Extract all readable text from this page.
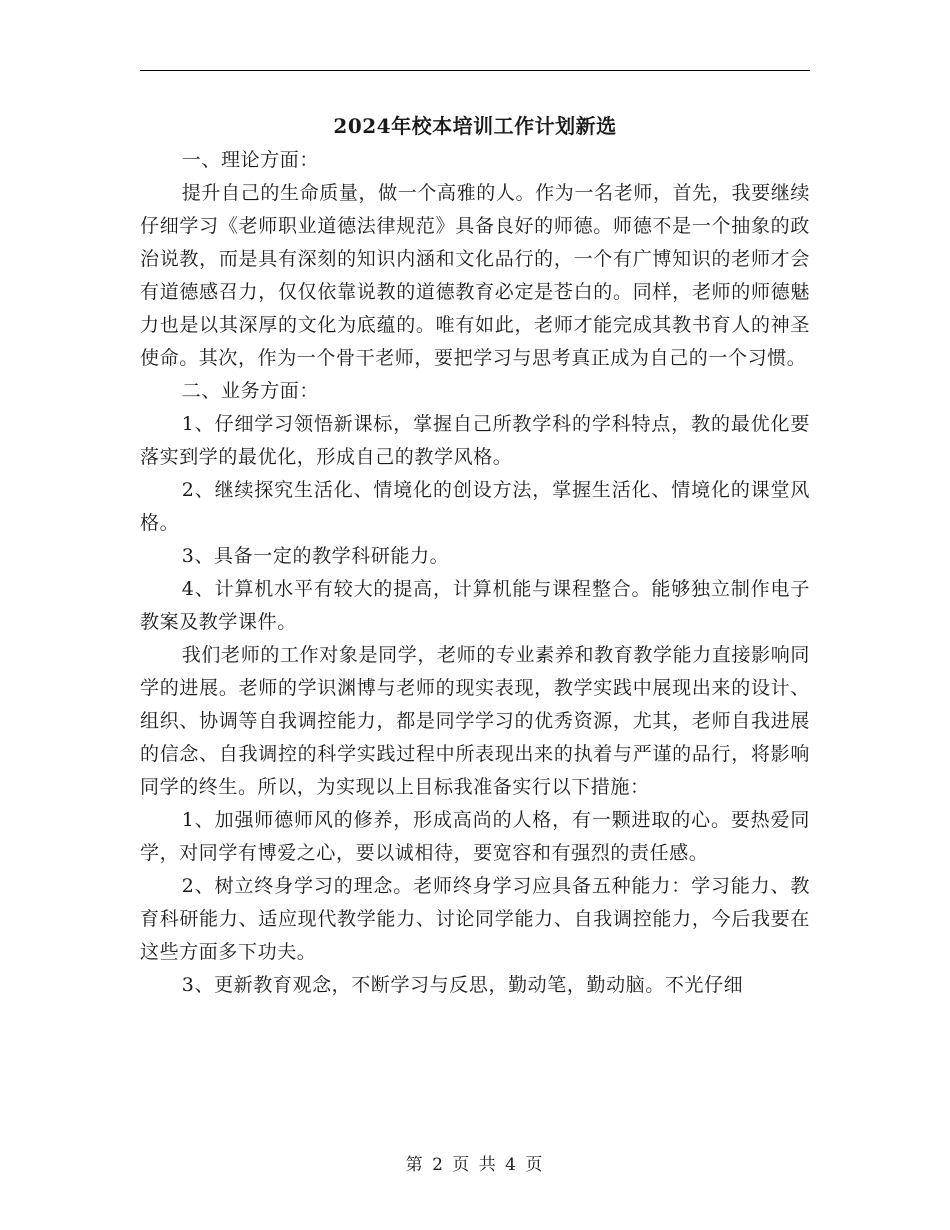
2024年校本培训工作计划新选

一、理论方面：

提升自己的生命质量，做一个高雅的人。作为一名老师，首先，我要继续仔细学习《老师职业道德法律规范》具备良好的师德。师德不是一个抽象的政治说教，而是具有深刻的知识内涵和文化品行的，一个有广博知识的老师才会有道德感召力，仅仅依靠说教的道德教育必定是苍白的。同样，老师的师德魅力也是以其深厚的文化为底蕴的。唯有如此，老师才能完成其教书育人的神圣使命。其次，作为一个骨干老师，要把学习与思考真正成为自己的一个习惯。

二、业务方面：

1、仔细学习领悟新课标，掌握自己所教学科的学科特点，教的最优化要落实到学的最优化，形成自己的教学风格。

2、继续探究生活化、情境化的创设方法，掌握生活化、情境化的课堂风格。

3、具备一定的教学科研能力。

4、计算机水平有较大的提高，计算机能与课程整合。能够独立制作电子教案及教学课件。

我们老师的工作对象是同学，老师的专业素养和教育教学能力直接影响同学的进展。老师的学识渊博与老师的现实表现，教学实践中展现出来的设计、组织、协调等自我调控能力，都是同学学习的优秀资源，尤其，老师自我进展的信念、自我调控的科学实践过程中所表现出来的执着与严谨的品行，将影响同学的终生。所以，为实现以上目标我准备实行以下措施：

1、加强师德师风的修养，形成高尚的人格，有一颗进取的心。要热爱同学，对同学有博爱之心，要以诚相待，要宽容和有强烈的责任感。

2、树立终身学习的理念。老师终身学习应具备五种能力：学习能力、教育科研能力、适应现代教学能力、讨论同学能力、自我调控能力，今后我要在这些方面多下功夫。

3、更新教育观念，不断学习与反思，勤动笔，勤动脑。不光仔细

第 2 页 共 4 页
